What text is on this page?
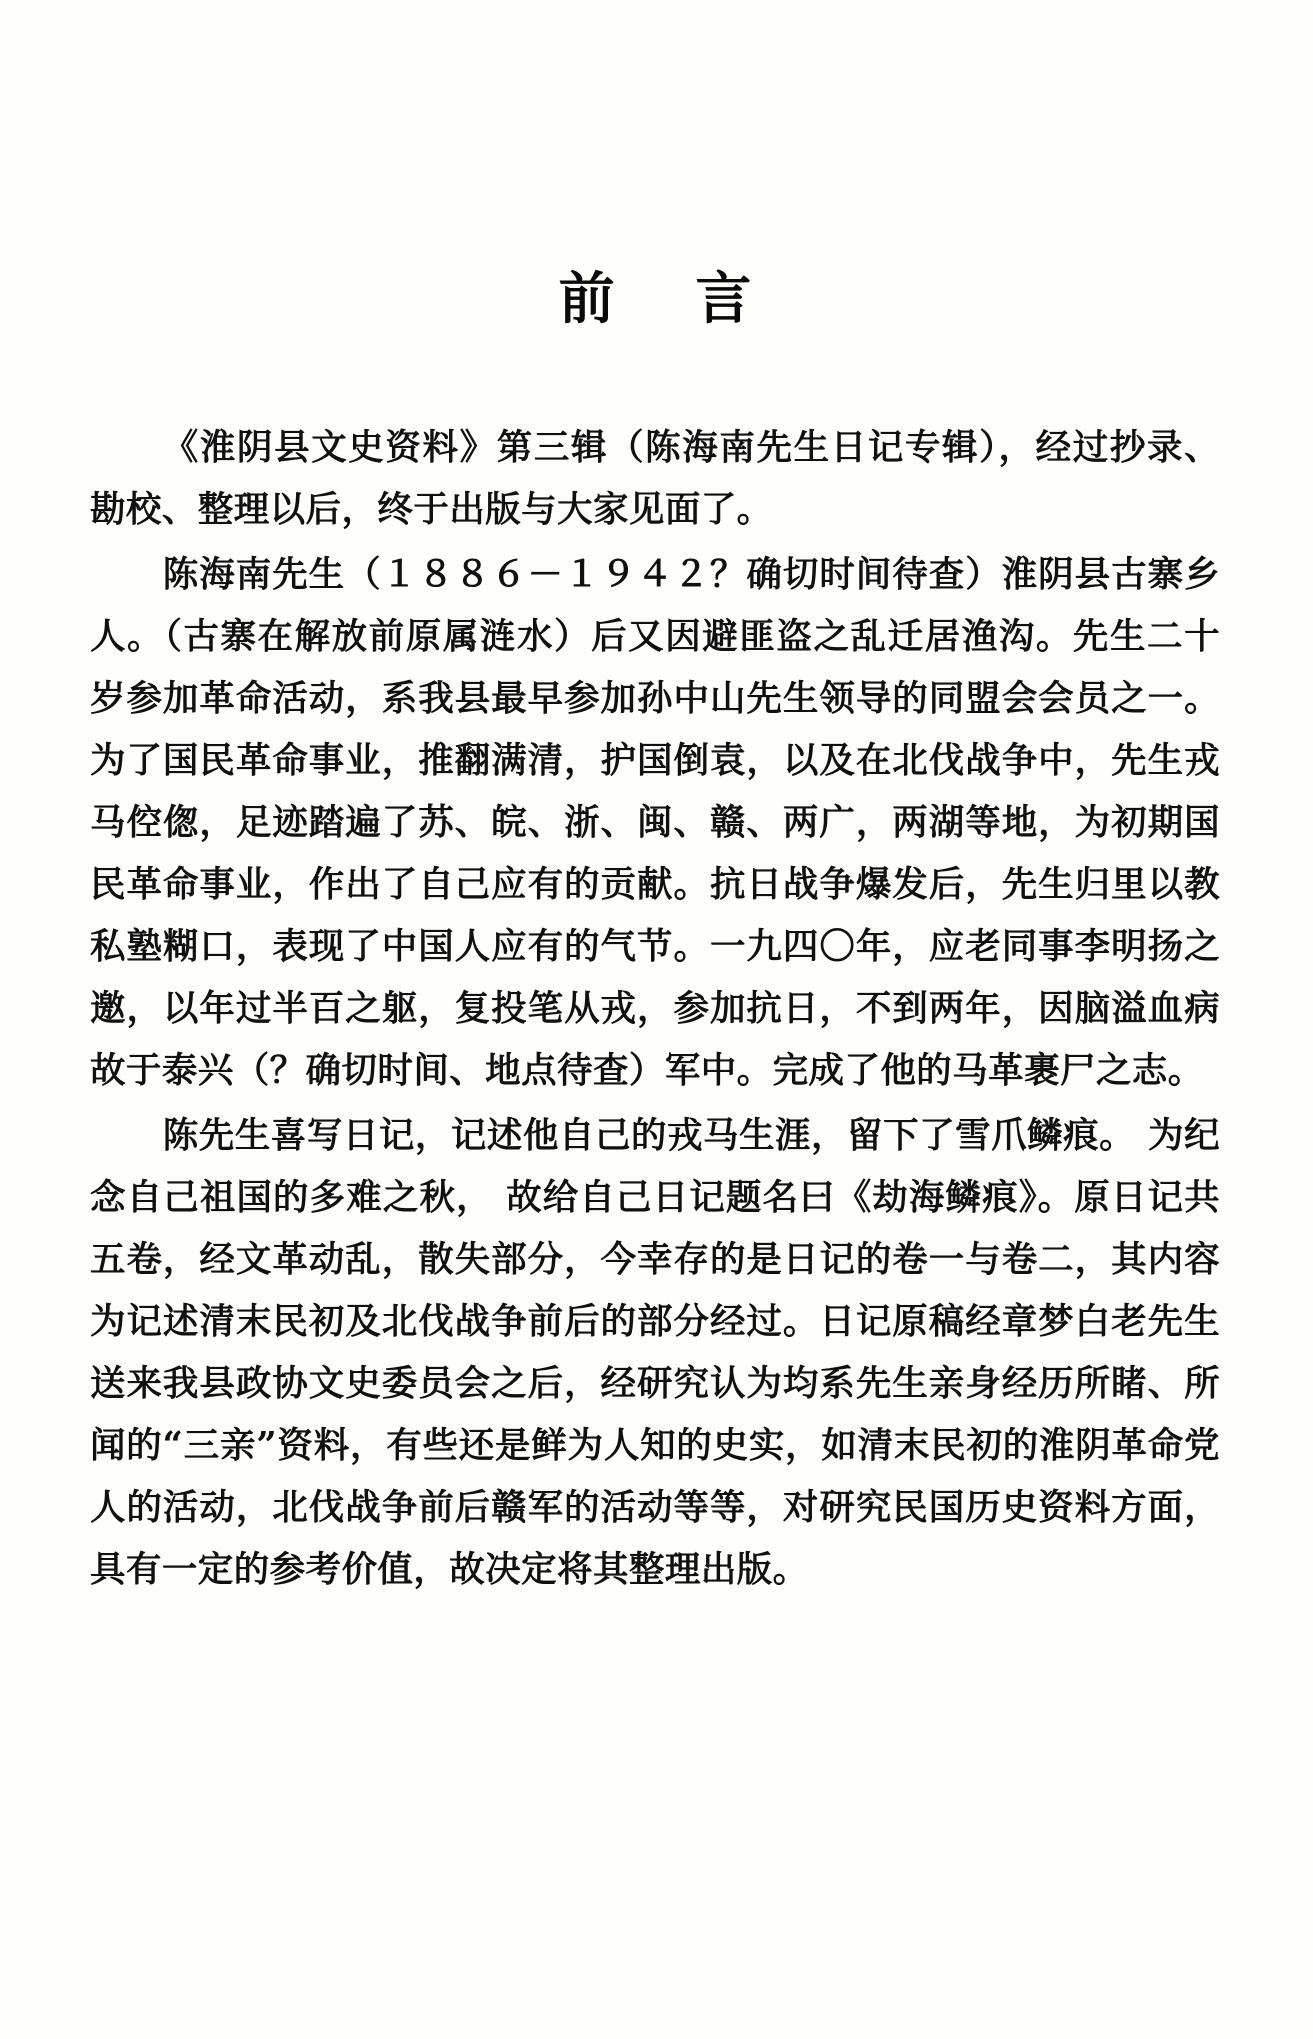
前 言

《淮阴县文史资料》第三辑（陈海南先生日记专辑），经过抄录、勘校、整理以后，终于出版与大家见面了。

陈海南先生（１８８６－１９４２？确切时间待查）淮阴县古寨乡人。（古寨在解放前原属涟水）后又因避匪盗之乱迁居渔沟。先生二十岁参加革命活动，系我县最早参加孙中山先生领导的同盟会会员之一。为了国民革命事业，推翻满清，护国倒袁，以及在北伐战争中，先生戎马倥偬，足迹踏遍了苏、皖、浙、闽、赣、两广，两湖等地，为初期国民革命事业，作出了自己应有的贡献。抗日战争爆发后，先生归里以教私塾糊口，表现了中国人应有的气节。一九四〇年，应老同事李明扬之邀，以年过半百之躯，复投笔从戎，参加抗日，不到两年，因脑溢血病故于泰兴（？确切时间、地点待查）军中。完成了他的马革裹尸之志。

陈先生喜写日记，记述他自己的戎马生涯，留下了雪爪鳞痕。 为纪念自己祖国的多难之秋， 故给自己日记题名曰《劫海鳞痕》。原日记共五卷，经文革动乱，散失部分，今幸存的是日记的卷一与卷二，其内容为记述清末民初及北伐战争前后的部分经过。日记原稿经章梦白老先生送来我县政协文史委员会之后，经研究认为均系先生亲身经历所睹、所闻的“三亲”资料，有些还是鲜为人知的史实，如清末民初的淮阴革命党人的活动，北伐战争前后赣军的活动等等，对研究民国历史资料方面，具有一定的参考价值，故决定将其整理出版。
